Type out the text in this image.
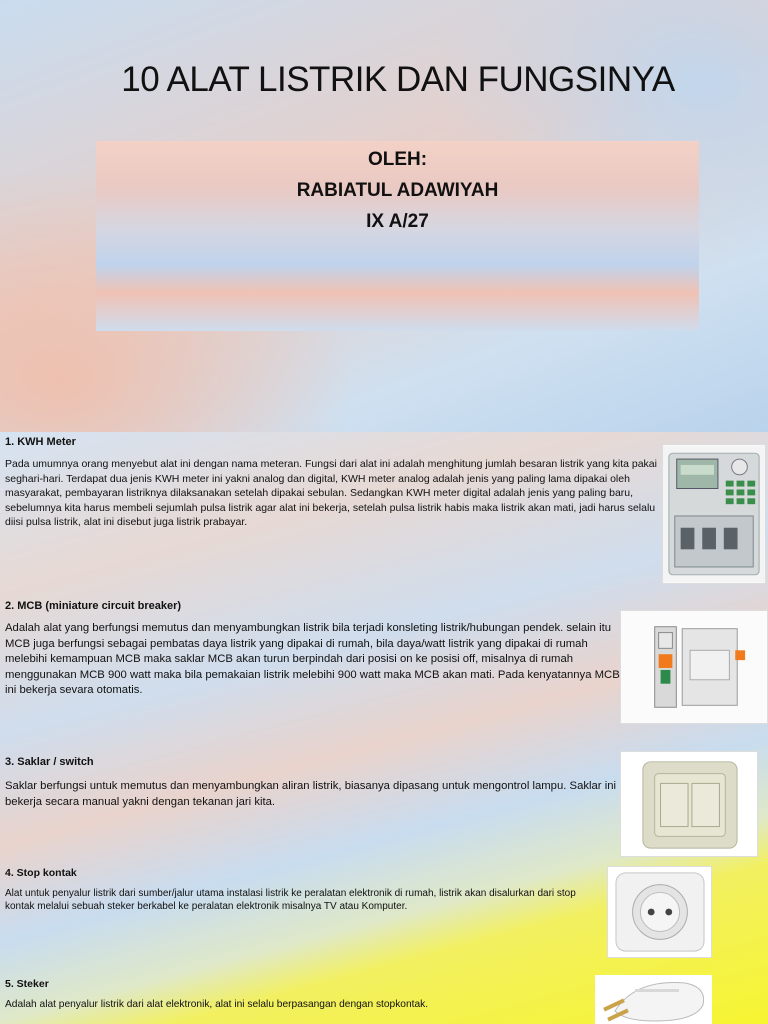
10 ALAT LISTRIK DAN FUNGSINYA
OLEH:
RABIATUL ADAWIYAH
IX A/27
1. KWH Meter
Pada umumnya orang menyebut alat ini dengan nama meteran. Fungsi dari alat ini adalah menghitung jumlah besaran listrik yang kita pakai seghari-hari. Terdapat dua jenis KWH meter ini yakni analog dan digital, KWH meter analog adalah jenis yang paling lama dipakai oleh masyarakat, pembayaran listriknya dilaksanakan setelah dipakai sebulan. Sedangkan KWH meter digital adalah jenis yang paling baru, sebelumnya kita harus membeli sejumlah pulsa listrik agar alat ini bekerja, setelah pulsa listrik habis maka listrik akan mati, jadi harus selalu diisi pulsa listrik, alat ini disebut juga listrik prabayar.
2. MCB (miniature circuit breaker)
Adalah alat yang berfungsi memutus dan menyambungkan listrik bila terjadi konsleting listrik/hubungan pendek. selain itu MCB juga berfungsi sebagai pembatas daya listrik yang dipakai di rumah, bila daya/watt listrik yang dipakai di rumah melebihi kemampuan MCB maka saklar MCB akan turun berpindah dari posisi on ke posisi off, misalnya di rumah menggunakan MCB 900 watt maka bila pemakaian listrik melebihi 900 watt maka MCB akan mati. Pada kenyatannya MCB ini bekerja sevara otomatis.
3. Saklar / switch
Saklar berfungsi untuk memutus dan menyambungkan aliran listrik, biasanya dipasang untuk mengontrol lampu. Saklar ini bekerja secara manual yakni dengan tekanan jari kita.
4. Stop kontak
Alat untuk penyalur listrik dari sumber/jalur utama instalasi listrik ke peralatan elektronik di rumah, listrik akan disalurkan dari stop kontak melalui sebuah steker berkabel ke peralatan elektronik misalnya TV atau Komputer.
5. Steker
Adalah alat penyalur listrik dari alat elektronik, alat ini selalu berpasangan dengan stopkontak.
